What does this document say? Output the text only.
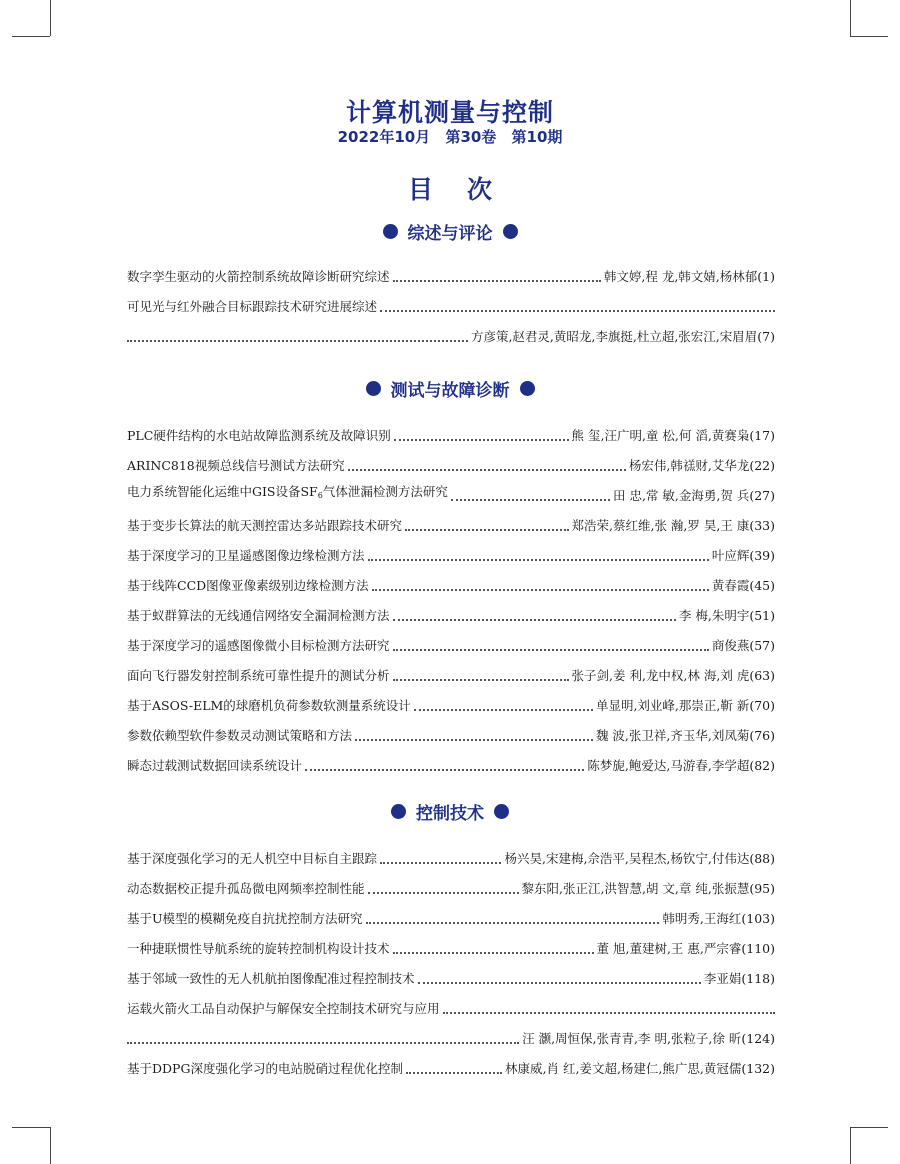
计算机测量与控制
2022年10月 第30卷 第10期
目次
综述与评论
数字孪生驱动的火箭控制系统故障诊断研究综述	韩文婷,程 龙,韩文婧,杨林郁(1)
可见光与红外融合目标跟踪技术研究进展综述
方彦策,赵君灵,黄昭龙,李旗挺,杜立超,张宏江,宋眉眉(7)
测试与故障诊断
PLC硬件结构的水电站故障监测系统及故障识别	熊 玺,汪广明,童 松,何 滔,黄赛枭(17)
ARINC818视频总线信号测试方法研究	杨宏伟,韩禚财,艾华龙(22)
电力系统智能化运维中GIS设备$SF_6$气体泄漏检测方法研究	田 忠,常 敏,金海勇,贺 兵(27)
基于变步长算法的航天测控雷达多站跟踪技术研究	郑浩荣,蔡红维,张 瀚,罗 昊,王 康(33)
基于深度学习的卫星遥感图像边缘检测方法	叶应辉(39)
基于线阵CCD图像亚像素级别边缘检测方法	黄春霞(45)
基于蚁群算法的无线通信网络安全漏洞检测方法	李 梅,朱明宇(51)
基于深度学习的遥感图像微小目标检测方法研究	商俊燕(57)
面向飞行器发射控制系统可靠性提升的测试分析	张子剑,姜 利,龙中权,林 海,刘 虎(63)
基于ASOS-ELM的球磨机负荷参数软测量系统设计	单显明,刘业峰,那崇正,靳 新(70)
参数依赖型软件参数灵动测试策略和方法	魏 波,张卫祥,齐玉华,刘凤菊(76)
瞬态过载测试数据回读系统设计	陈梦旎,鲍爱达,马游春,李学超(82)
控制技术
基于深度强化学习的无人机空中目标自主跟踪	杨兴昊,宋建梅,佘浩平,吴程杰,杨钦宁,付伟达(88)
动态数据校正提升孤岛微电网频率控制性能	黎东阳,张正江,洪智慧,胡 文,章 纯,张振慧(95)
基于U模型的模糊免疫自抗扰控制方法研究	韩明秀,王海红(103)
一种捷联惯性导航系统的旋转控制机构设计技术	董 旭,董建树,王 惠,严宗睿(110)
基于邻域一致性的无人机航拍图像配准过程控制技术	李亚娟(118)
运载火箭火工品自动保护与解保安全控制技术研究与应用
汪 灏,周恒保,张青青,李 明,张粒子,徐 昕(124)
基于DDPG深度强化学习的电站脱硝过程优化控制	林康威,肖 红,姜文超,杨建仁,熊广思,黄冠儒(132)
